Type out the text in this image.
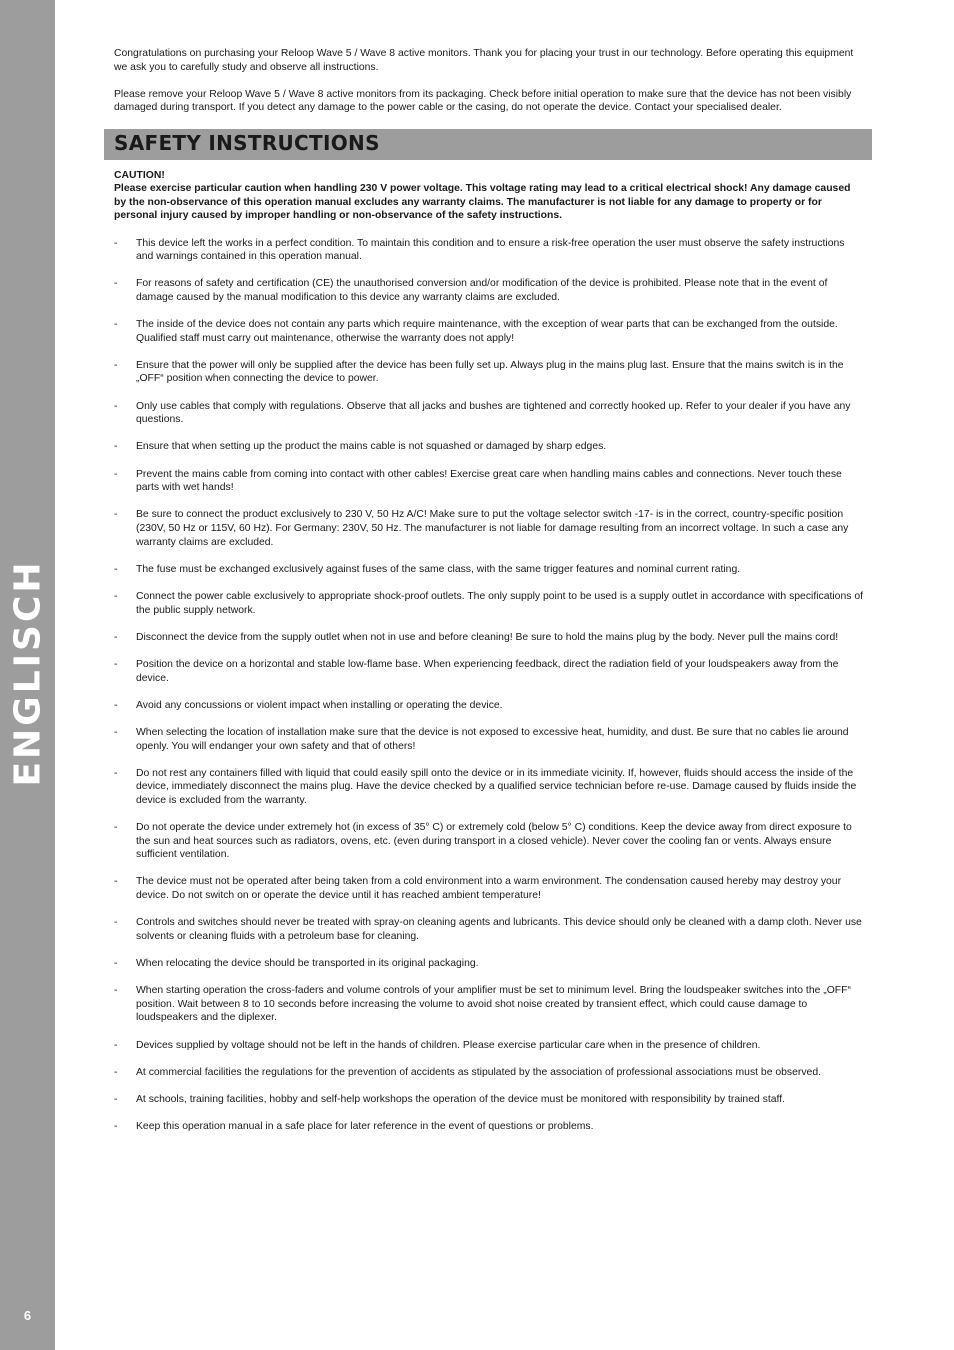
ENGLISCH
6

Congratulations on purchasing your Reloop Wave 5 / Wave 8 active monitors. Thank you for placing your trust in our technology. Before operating this equipment we ask you to carefully study and observe all instructions.

Please remove your Reloop Wave 5 / Wave 8 active monitors from its packaging. Check before initial operation to make sure that the device has not been visibly damaged during transport. If you detect any damage to the power cable or the casing, do not operate the device. Contact your specialised dealer.

SAFETY INSTRUCTIONS
CAUTION!
Please exercise particular caution when handling 230 V power voltage. This voltage rating may lead to a critical electrical shock! Any damage caused by the non-observance of this operation manual excludes any warranty claims. The manufacturer is not liable for any damage to property or for personal injury caused by improper handling or non-observance of the safety instructions.
- This device left the works in a perfect condition. To maintain this condition and to ensure a risk-free operation the user must observe the safety instructions and warnings contained in this operation manual.
- For reasons of safety and certification (CE) the unauthorised conversion and/or modification of the device is prohibited. Please note that in the event of damage caused by the manual modification to this device any warranty claims are excluded.
- The inside of the device does not contain any parts which require maintenance, with the exception of wear parts that can be exchanged from the outside. Qualified staff must carry out maintenance, otherwise the warranty does not apply!
- Ensure that the power will only be supplied after the device has been fully set up. Always plug in the mains plug last. Ensure that the mains switch is in the „OFF“ position when connecting the device to power.
- Only use cables that comply with regulations. Observe that all jacks and bushes are tightened and correctly hooked up. Refer to your dealer if you have any questions.
- Ensure that when setting up the product the mains cable is not squashed or damaged by sharp edges.
- Prevent the mains cable from coming into contact with other cables! Exercise great care when handling mains cables and connections. Never touch these parts with wet hands!
- Be sure to connect the product exclusively to 230 V, 50 Hz A/C! Make sure to put the voltage selector switch -17- is in the correct, country-specific position (230V, 50 Hz or 115V, 60 Hz). For Germany: 230V, 50 Hz. The manufacturer is not liable for damage resulting from an incorrect voltage. In such a case any warranty claims are excluded.
- The fuse must be exchanged exclusively against fuses of the same class, with the same trigger features and nominal current rating.
- Connect the power cable exclusively to appropriate shock-proof outlets. The only supply point to be used is a supply outlet in accordance with specifications of the public supply network.
- Disconnect the device from the supply outlet when not in use and before cleaning! Be sure to hold the mains plug by the body. Never pull the mains cord!
- Position the device on a horizontal and stable low-flame base. When experiencing feedback, direct the radiation field of your loudspeakers away from the device.
- Avoid any concussions or violent impact when installing or operating the device.
- When selecting the location of installation make sure that the device is not exposed to excessive heat, humidity, and dust. Be sure that no cables lie around openly. You will endanger your own safety and that of others!
- Do not rest any containers filled with liquid that could easily spill onto the device or in its immediate vicinity. If, however, fluids should access the inside of the device, immediately disconnect the mains plug. Have the device checked by a qualified service technician before re-use. Damage caused by fluids inside the device is excluded from the warranty.
- Do not operate the device under extremely hot (in excess of 35° C) or extremely cold (below 5° C) conditions. Keep the device away from direct exposure to the sun and heat sources such as radiators, ovens, etc. (even during transport in a closed vehicle). Never cover the cooling fan or vents. Always ensure sufficient ventilation.
- The device must not be operated after being taken from a cold environment into a warm environment. The condensation caused hereby may destroy your device. Do not switch on or operate the device until it has reached ambient temperature!
- Controls and switches should never be treated with spray-on cleaning agents and lubricants. This device should only be cleaned with a damp cloth. Never use solvents or cleaning fluids with a petroleum base for cleaning.
- When relocating the device should be transported in its original packaging.
- When starting operation the cross-faders and volume controls of your amplifier must be set to minimum level. Bring the loudspeaker switches into the „OFF“ position. Wait between 8 to 10 seconds before increasing the volume to avoid shot noise created by transient effect, which could cause damage to loudspeakers and the diplexer.
- Devices supplied by voltage should not be left in the hands of children. Please exercise particular care when in the presence of children.
- At commercial facilities the regulations for the prevention of accidents as stipulated by the association of professional associations must be observed.
- At schools, training facilities, hobby and self-help workshops the operation of the device must be monitored with responsibility by trained staff.
- Keep this operation manual in a safe place for later reference in the event of questions or problems.
